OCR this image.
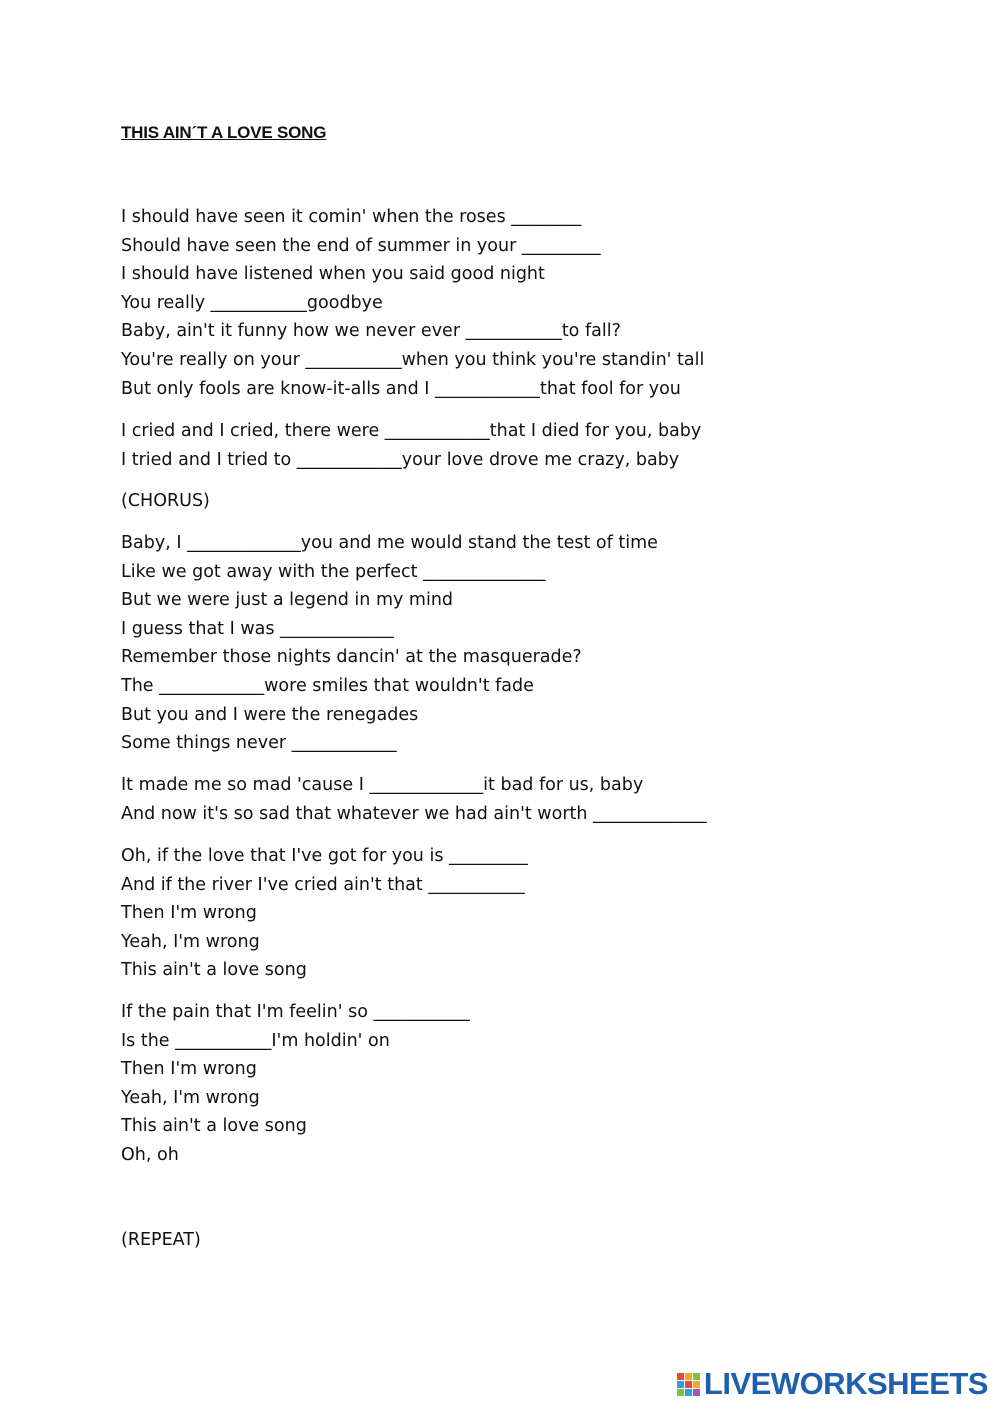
THIS AIN´T A LOVE SONG
I should have seen it comin' when the roses ________
Should have seen the end of summer in your _________
I should have listened when you said good night
You really ___________goodbye
Baby, ain't it funny how we never ever ___________to fall?
You're really on your ___________when you think you're standin' tall
But only fools are know-it-alls and I ____________that fool for you
I cried and I cried, there were ____________that I died for you, baby
I tried and I tried to ____________your love drove me crazy, baby
(CHORUS)
Baby, I _____________you and me would stand the test of time
Like we got away with the perfect ______________
But we were just a legend in my mind
I guess that I was _____________
Remember those nights dancin' at the masquerade?
The ____________wore smiles that wouldn't fade
But you and I were the renegades
Some things never ____________
It made me so mad 'cause I _____________it bad for us, baby
And now it's so sad that whatever we had ain't worth _____________
Oh, if the love that I've got for you is _________
And if the river I've cried ain't that ___________
Then I'm wrong
Yeah, I'm wrong
This ain't a love song
If the pain that I'm feelin' so ___________
Is the ___________I'm holdin' on
Then I'm wrong
Yeah, I'm wrong
This ain't a love song
Oh, oh
(REPEAT)
LIVEWORKSHEETS
